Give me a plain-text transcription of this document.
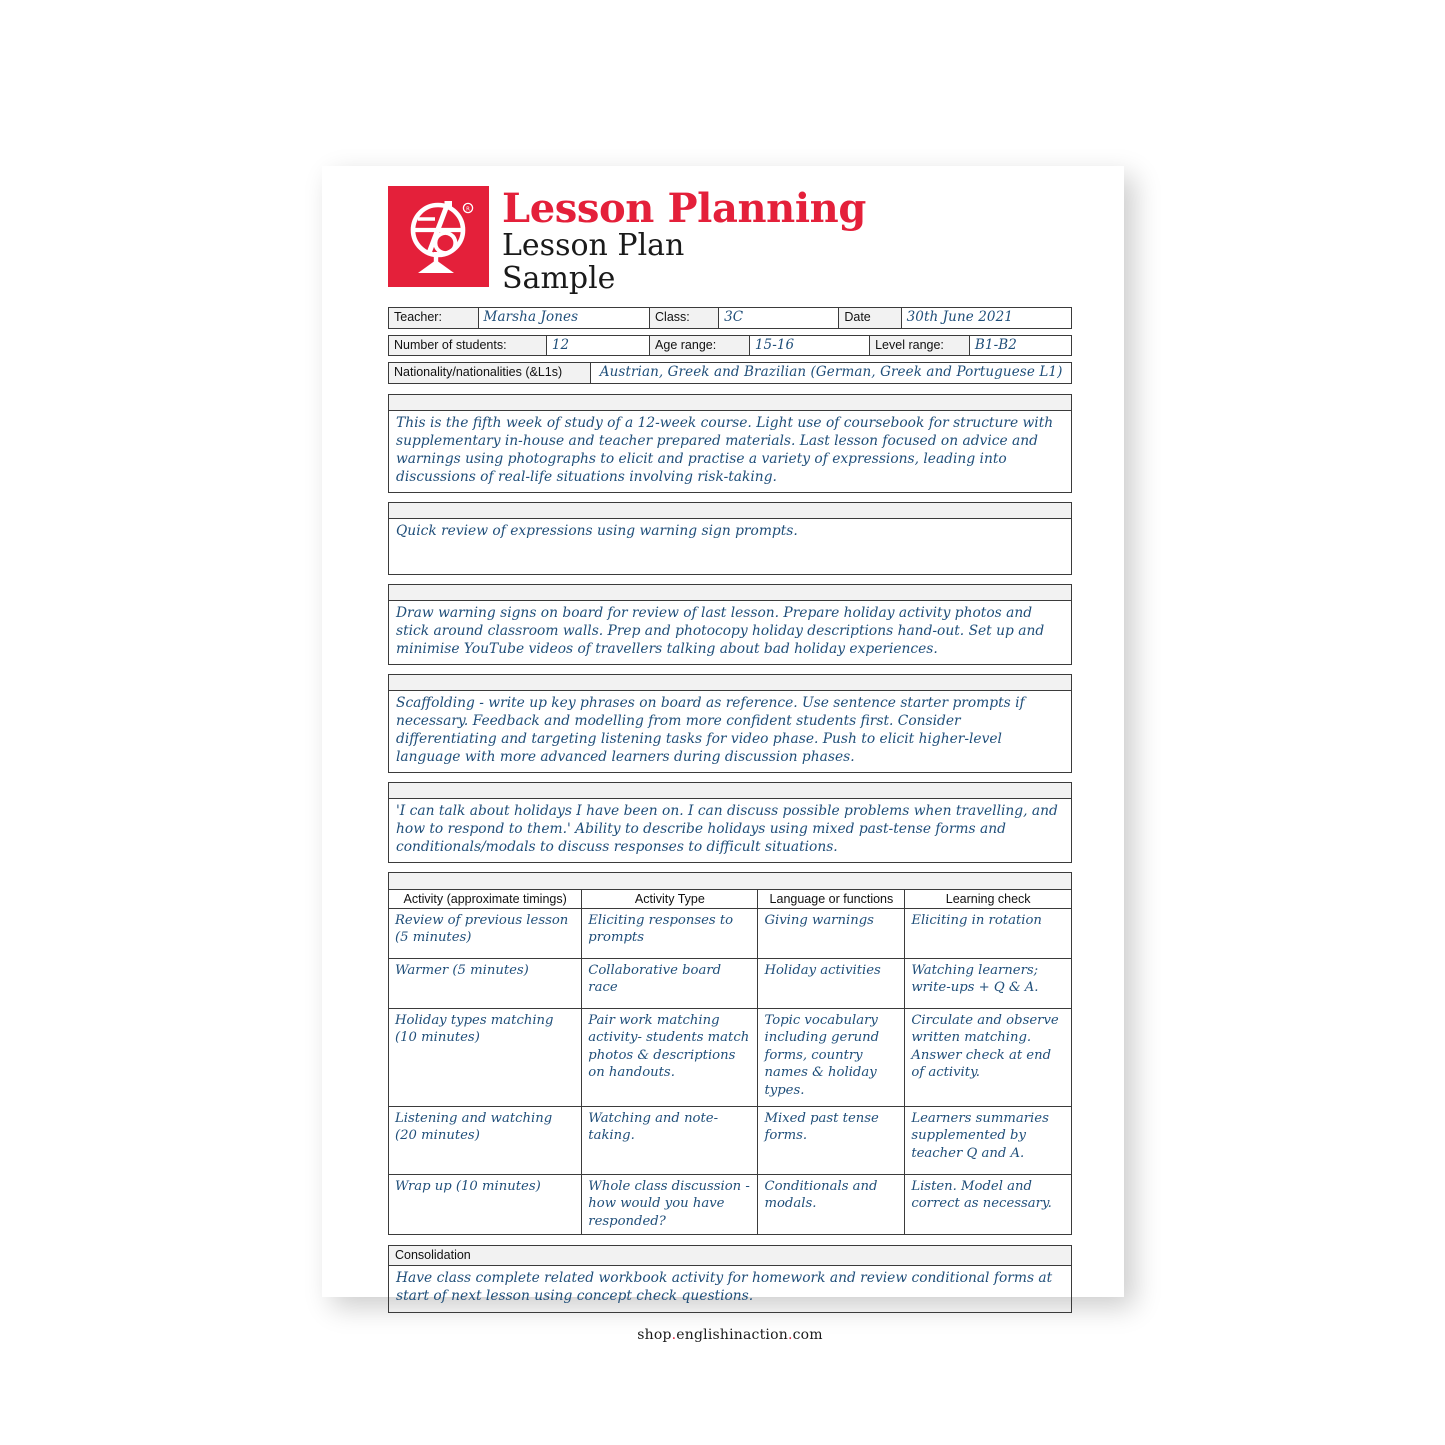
R Lesson Planning
Lesson Plan
Sample
Teacher:	Marsha Jones	Class:	3C	Date	30th June 2021
Number of students:	12	Age range:	15-16	Level range:	B1-B2
Nationality/nationalities (&L1s)	Austrian, Greek and Brazilian (German, Greek and Portuguese L1)

This is the fifth week of study of a 12-week course. Light use of coursebook for structure with supplementary in-house and teacher prepared materials. Last lesson focused on advice and warnings using photographs to elicit and practise a variety of expressions, leading into discussions of real-life situations involving risk-taking.

Quick review of expressions using warning sign prompts.

Draw warning signs on board for review of last lesson. Prepare holiday activity photos and stick around classroom walls. Prep and photocopy holiday descriptions hand-out. Set up and minimise YouTube videos of travellers talking about bad holiday experiences.

Scaffolding - write up key phrases on board as reference. Use sentence starter prompts if necessary. Feedback and modelling from more confident students first. Consider differentiating and targeting listening tasks for video phase. Push to elicit higher-level language with more advanced learners during discussion phases.

'I can talk about holidays I have been on. I can discuss possible problems when travelling, and how to respond to them.' Ability to describe holidays using mixed past-tense forms and conditionals/modals to discuss responses to difficult situations.

Activity (approximate timings)	Activity Type	Language or functions	Learning check
Review of previous lesson (5 minutes)	Eliciting responses to prompts	Giving warnings	Eliciting in rotation
Warmer (5 minutes)	Collaborative board race	Holiday activities	Watching learners; write-ups + Q & A.
Holiday types matching (10 minutes)	Pair work matching activity- students match photos & descriptions on handouts.	Topic vocabulary including gerund forms, country names & holiday types.	Circulate and observe written matching. Answer check at end of activity.
Listening and watching (20 minutes)	Watching and note-taking.	Mixed past tense forms.	Learners summaries supplemented by teacher Q and A.
Wrap up (10 minutes)	Whole class discussion - how would you have responded?	Conditionals and modals.	Listen. Model and correct as necessary.
Consolidation

Have class complete related workbook activity for homework and review conditional forms at start of next lesson using concept check questions.

shop.englishinaction.com
